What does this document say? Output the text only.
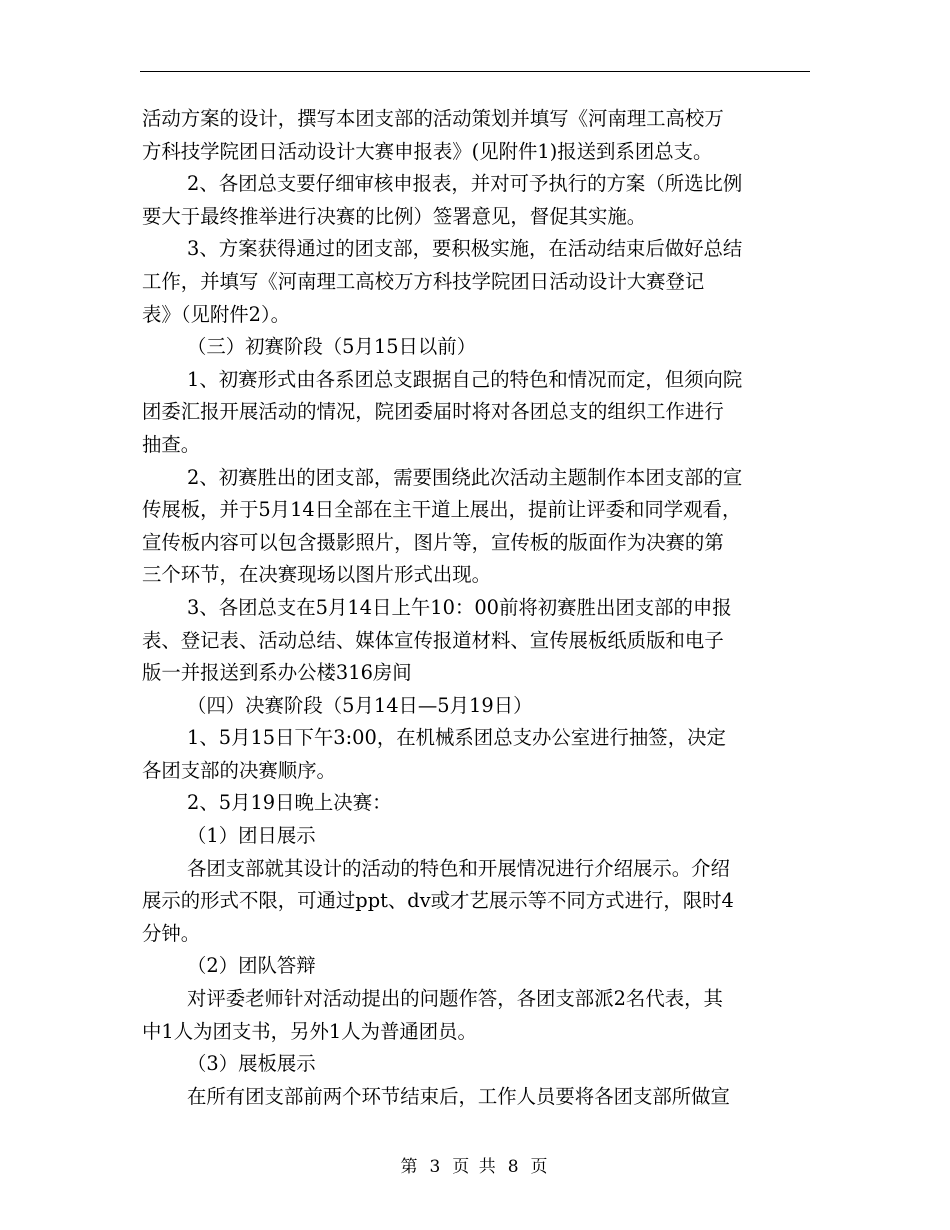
活动方案的设计，撰写本团支部的活动策划并填写《河南理工高校万
方科技学院团日活动设计大赛申报表》(见附件1)报送到系团总支。
2、各团总支要仔细审核申报表，并对可予执行的方案（所选比例
要大于最终推举进行决赛的比例）签署意见，督促其实施。
3、方案获得通过的团支部，要积极实施，在活动结束后做好总结
工作，并填写《河南理工高校万方科技学院团日活动设计大赛登记
表》（见附件2）。
（三）初赛阶段（5月15日以前）
1、初赛形式由各系团总支跟据自己的特色和情况而定，但须向院
团委汇报开展活动的情况，院团委届时将对各团总支的组织工作进行
抽查。
2、初赛胜出的团支部，需要围绕此次活动主题制作本团支部的宣
传展板，并于5月14日全部在主干道上展出，提前让评委和同学观看，
宣传板内容可以包含摄影照片，图片等，宣传板的版面作为决赛的第
三个环节，在决赛现场以图片形式出现。
3、各团总支在5月14日上午10：00前将初赛胜出团支部的申报
表、登记表、活动总结、媒体宣传报道材料、宣传展板纸质版和电子
版一并报送到系办公楼316房间
（四）决赛阶段（5月14日—5月19日）
1、5月15日下午3:00，在机械系团总支办公室进行抽签，决定
各团支部的决赛顺序。
2、5月19日晚上决赛：
（1）团日展示
各团支部就其设计的活动的特色和开展情况进行介绍展示。介绍
展示的形式不限，可通过ppt、dv或才艺展示等不同方式进行，限时4
分钟。
（2）团队答辩
对评委老师针对活动提出的问题作答，各团支部派2名代表，其
中1人为团支书，另外1人为普通团员。
（3）展板展示
在所有团支部前两个环节结束后，工作人员要将各团支部所做宣
第 3 页 共 8 页
